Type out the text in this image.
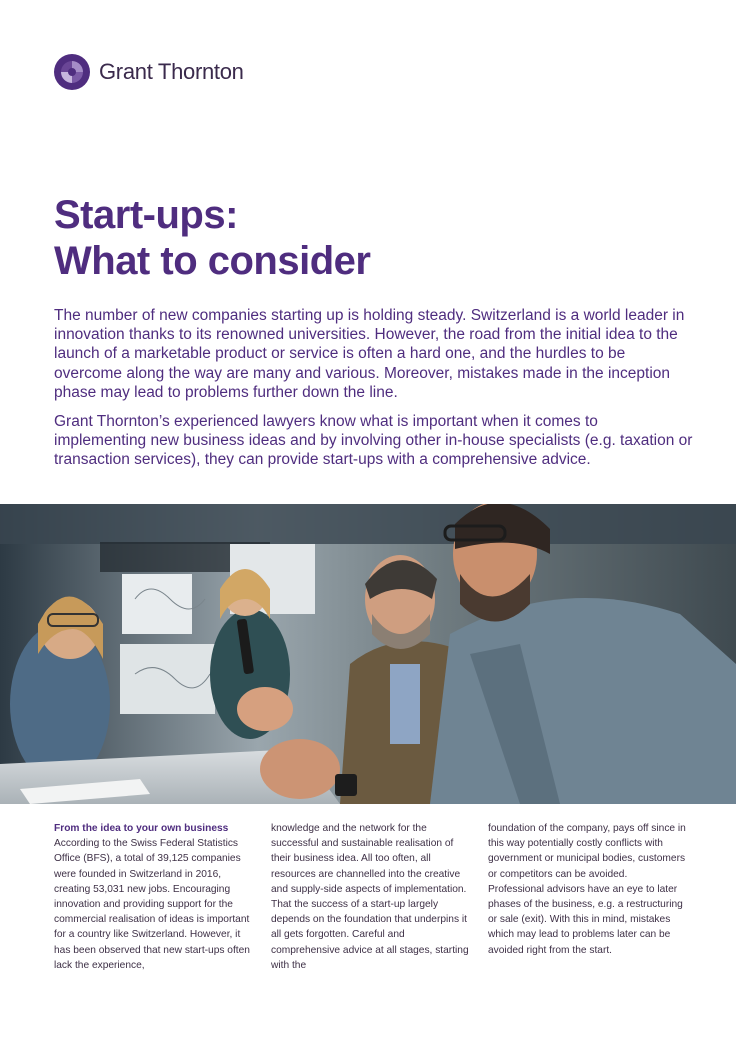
Grant Thornton
Start-ups:
What to consider

The number of new companies starting up is holding steady. Switzerland is a world leader in innovation thanks to its renowned universities. However, the road from the initial idea to the launch of a marketable product or service is often a hard one, and the hurdles to be overcome along the way are many and various. Moreover, mistakes made in the inception phase may lead to problems further down the line.

Grant Thornton’s experienced lawyers know what is important when it comes to implementing new business ideas and by involving other in-house specialists (e.g. taxation or transaction services), they can provide start-ups with a comprehensive advice.

From the idea to your own business
According to the Swiss Federal Statistics Office (BFS), a total of 39,125 companies were founded in Switzerland in 2016, creating 53,031 new jobs. Encouraging innovation and providing support for the commercial realisation of ideas is important for a country like Switzerland. However, it has been observed that new start-ups often lack the experience,
knowledge and the network for the successful and sustainable realisation of their business idea. All too often, all resources are channelled into the creative and supply-side aspects of implementation. That the success of a start-up largely depends on the foundation that underpins it all gets forgotten. Careful and comprehensive advice at all stages, starting with the
foundation of the company, pays off since in this way potentially costly conflicts with government or municipal bodies, customers or competitors can be avoided. Professional advisors have an eye to later phases of the business, e.g. a restructuring or sale (exit). With this in mind, mistakes which may lead to problems later can be avoided right from the start.
